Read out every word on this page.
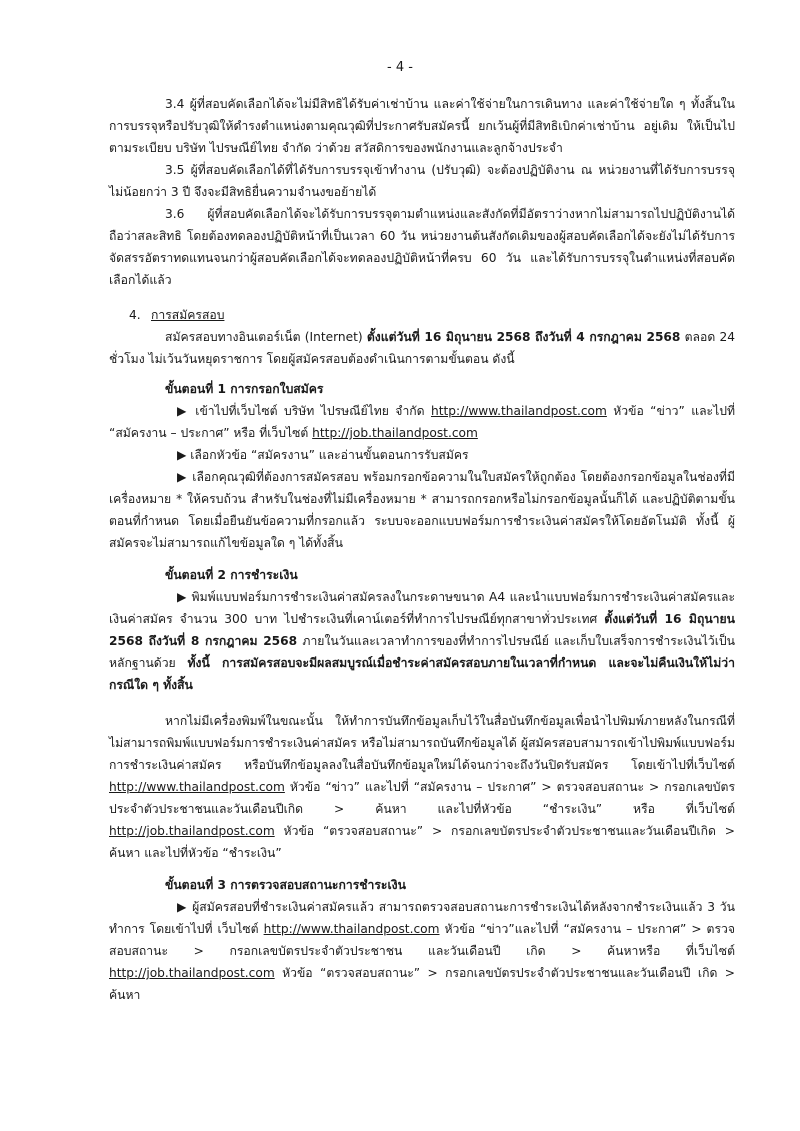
- 4 -

3.4 ผู้ที่สอบคัดเลือกได้จะไม่มีสิทธิได้รับค่าเช่าบ้าน และค่าใช้จ่ายในการเดินทาง และค่าใช้จ่ายใด ๆ ทั้งสิ้นในการบรรจุหรือปรับวุฒิให้ดำรงตำแหน่งตามคุณวุฒิที่ประกาศรับสมัครนี้ ยกเว้นผู้ที่มีสิทธิเบิกค่าเช่าบ้าน อยู่เดิม ให้เป็นไปตามระเบียบ บริษัท ไปรษณีย์ไทย จำกัด ว่าด้วย สวัสดิการของพนักงานและลูกจ้างประจำ

3.5 ผู้ที่สอบคัดเลือกได้ที่ได้รับการบรรจุเข้าทำงาน (ปรับวุฒิ) จะต้องปฏิบัติงาน ณ หน่วยงานที่ได้รับการบรรจุไม่น้อยกว่า 3 ปี จึงจะมีสิทธิยื่นความจำนงขอย้ายได้

3.6 ผู้ที่สอบคัดเลือกได้จะได้รับการบรรจุตามตำแหน่งและสังกัดที่มีอัตราว่างหากไม่สามารถไปปฏิบัติงานได้ถือว่าสละสิทธิ โดยต้องทดลองปฏิบัติหน้าที่เป็นเวลา 60 วัน หน่วยงานต้นสังกัดเดิมของผู้สอบคัดเลือกได้จะยังไม่ได้รับการจัดสรรอัตราทดแทนจนกว่าผู้สอบคัดเลือกได้จะทดลองปฏิบัติหน้าที่ครบ 60 วัน และได้รับการบรรจุในตำแหน่งที่สอบคัดเลือกได้แล้ว

4. การสมัครสอบ

สมัครสอบทางอินเตอร์เน็ต (Internet) ตั้งแต่วันที่ 16 มิถุนายน 2568 ถึงวันที่ 4 กรกฎาคม 2568 ตลอด 24 ชั่วโมง ไม่เว้นวันหยุดราชการ โดยผู้สมัครสอบต้องดำเนินการตามขั้นตอน ดังนี้

ขั้นตอนที่ 1 การกรอกใบสมัคร

▶ เข้าไปที่เว็บไซต์ บริษัท ไปรษณีย์ไทย จำกัด http://www.thailandpost.com หัวข้อ “ข่าว” และไปที่ “สมัครงาน – ประกาศ” หรือ ที่เว็บไซต์ http://job.thailandpost.com

▶ เลือกหัวข้อ “สมัครงาน” และอ่านขั้นตอนการรับสมัคร

▶ เลือกคุณวุฒิที่ต้องการสมัครสอบ พร้อมกรอกข้อความในใบสมัครให้ถูกต้อง โดยต้องกรอกข้อมูลในช่องที่มีเครื่องหมาย * ให้ครบถ้วน สำหรับในช่องที่ไม่มีเครื่องหมาย * สามารถกรอกหรือไม่กรอกข้อมูลนั้นก็ได้ และปฏิบัติตามขั้นตอนที่กำหนด โดยเมื่อยืนยันข้อความที่กรอกแล้ว ระบบจะออกแบบฟอร์มการชำระเงินค่าสมัครให้โดยอัตโนมัติ ทั้งนี้ ผู้สมัครจะไม่สามารถแก้ไขข้อมูลใด ๆ ได้ทั้งสิ้น

ขั้นตอนที่ 2 การชำระเงิน

▶ พิมพ์แบบฟอร์มการชำระเงินค่าสมัครลงในกระดาษขนาด A4 และนำแบบฟอร์มการชำระเงินค่าสมัครและเงินค่าสมัคร จำนวน 300 บาท ไปชำระเงินที่เคาน์เตอร์ที่ทำการไปรษณีย์ทุกสาขาทั่วประเทศ ตั้งแต่วันที่ 16 มิถุนายน 2568 ถึงวันที่ 8 กรกฎาคม 2568 ภายในวันและเวลาทำการของที่ทำการไปรษณีย์ และเก็บใบเสร็จการชำระเงินไว้เป็นหลักฐานด้วย ทั้งนี้ การสมัครสอบจะมีผลสมบูรณ์เมื่อชำระค่าสมัครสอบภายในเวลาที่กำหนด และจะไม่คืนเงินให้ไม่ว่ากรณีใด ๆ ทั้งสิ้น

หากไม่มีเครื่องพิมพ์ในขณะนั้น ให้ทำการบันทึกข้อมูลเก็บไว้ในสื่อบันทึกข้อมูลเพื่อนำไปพิมพ์ภายหลังในกรณีที่ไม่สามารถพิมพ์แบบฟอร์มการชำระเงินค่าสมัคร หรือไม่สามารถบันทึกข้อมูลได้ ผู้สมัครสอบสามารถเข้าไปพิมพ์แบบฟอร์มการชำระเงินค่าสมัคร หรือบันทึกข้อมูลลงในสื่อบันทึกข้อมูลใหม่ได้จนกว่าจะถึงวันปิดรับสมัคร โดยเข้าไปที่เว็บไซต์ http://www.thailandpost.com หัวข้อ “ข่าว” และไปที่ “สมัครงาน – ประกาศ” > ตรวจสอบสถานะ > กรอกเลขบัตรประจำตัวประชาชนและวันเดือนปีเกิด > ค้นหา และไปที่หัวข้อ “ชำระเงิน” หรือ ที่เว็บไซต์ http://job.thailandpost.com หัวข้อ “ตรวจสอบสถานะ” > กรอกเลขบัตรประจำตัวประชาชนและวันเดือนปีเกิด > ค้นหา และไปที่หัวข้อ “ชำระเงิน”

ขั้นตอนที่ 3 การตรวจสอบสถานะการชำระเงิน

▶ ผู้สมัครสอบที่ชำระเงินค่าสมัครแล้ว สามารถตรวจสอบสถานะการชำระเงินได้หลังจากชำระเงินแล้ว 3 วันทำการ โดยเข้าไปที่ เว็บไซต์ http://www.thailandpost.com หัวข้อ “ข่าว”และไปที่ “สมัครงาน – ประกาศ” > ตรวจสอบสถานะ > กรอกเลขบัตรประจำตัวประชาชน และวันเดือนปี เกิด > ค้นหาหรือ ที่เว็บไซต์ http://job.thailandpost.com หัวข้อ “ตรวจสอบสถานะ” > กรอกเลขบัตรประจำตัวประชาชนและวันเดือนปี เกิด > ค้นหา
